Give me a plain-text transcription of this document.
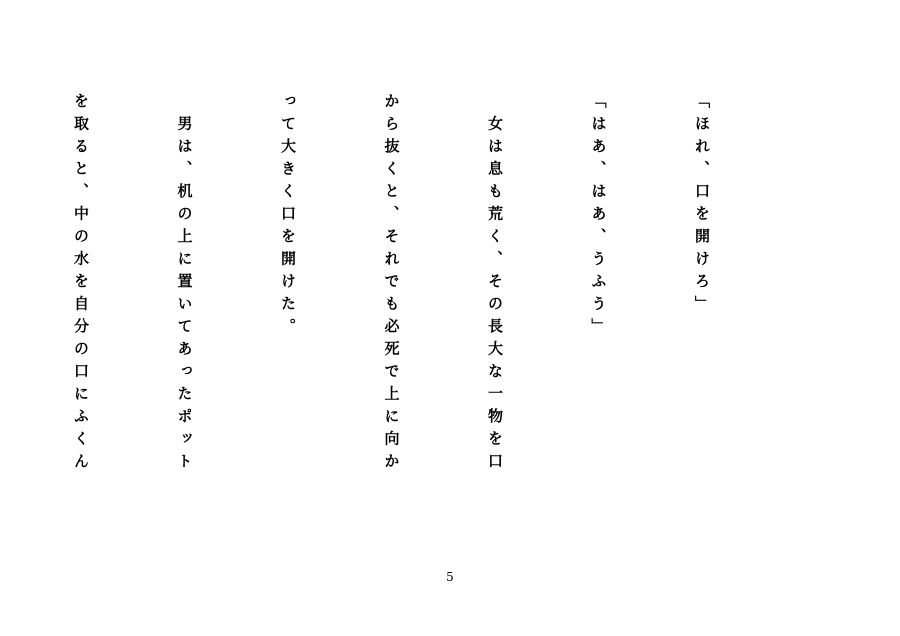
「ほれ、口を開けろ」

「はあ、はあ、うふう」

　女は息も荒く、その長大な一物を口

から抜くと、それでも必死で上に向か

って大きく口を開けた。

　男は、机の上に置いてあったポット

を取ると、中の水を自分の口にふくん

5
